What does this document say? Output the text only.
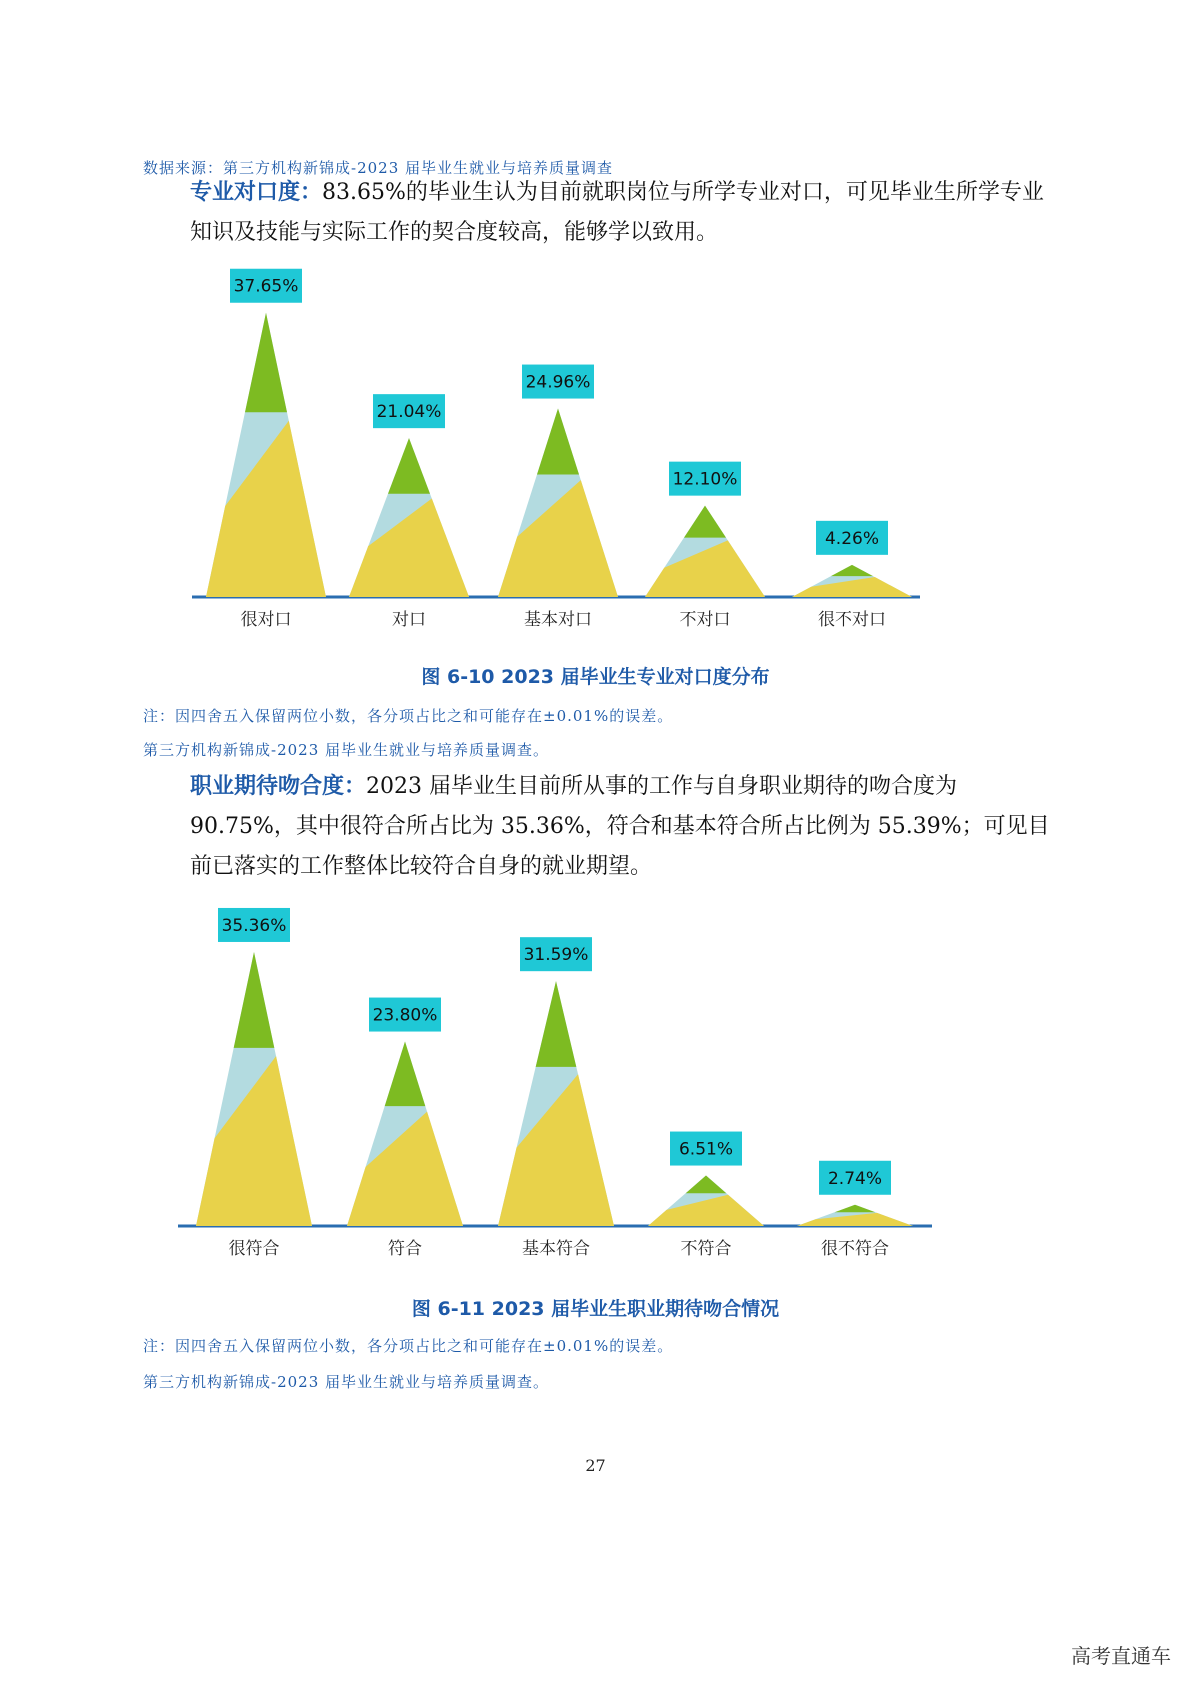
数据来源：第三方机构新锦成-2023 届毕业生就业与培养质量调查
专业对口度：83.65%的毕业生认为目前就职岗位与所学专业对口，可见毕业生所学专业知识及技能与实际工作的契合度较高，能够学以致用。
37.65%
很对口
21.04%
对口
24.96%
基本对口
12.10%
不对口
4.26%
很不对口
图 6-10 2023 届毕业生专业对口度分布
注：因四舍五入保留两位小数，各分项占比之和可能存在±0.01%的误差。
第三方机构新锦成-2023 届毕业生就业与培养质量调查。
职业期待吻合度：2023 届毕业生目前所从事的工作与自身职业期待的吻合度为90.75%，其中很符合所占比为 35.36%，符合和基本符合所占比例为 55.39%；可见目前已落实的工作整体比较符合自身的就业期望。
35.36%
很符合
23.80%
符合
31.59%
基本符合
6.51%
不符合
2.74%
很不符合
图 6-11 2023 届毕业生职业期待吻合情况
注：因四舍五入保留两位小数，各分项占比之和可能存在±0.01%的误差。
第三方机构新锦成-2023 届毕业生就业与培养质量调查。
27
高考直通车
